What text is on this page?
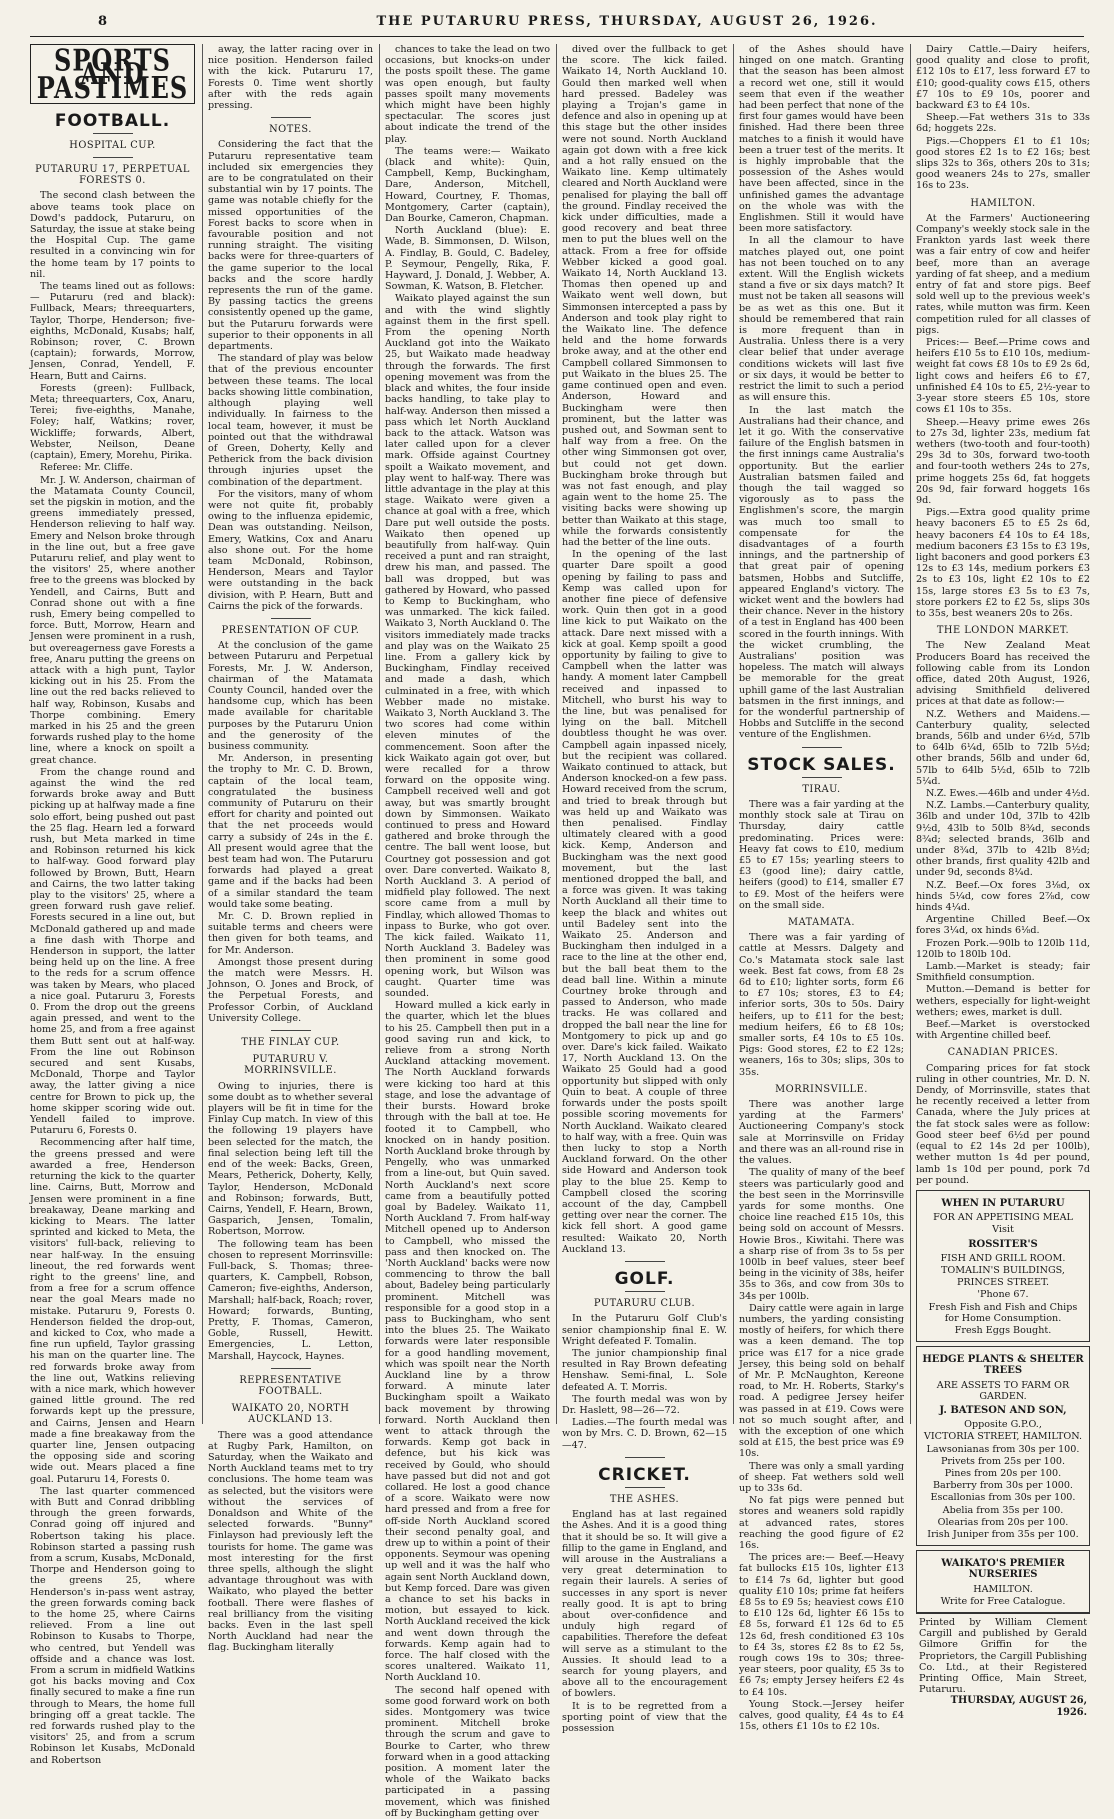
8	THE PUTARURU PRESS, THURSDAY, AUGUST 26, 1926.
SPORTS AND PASTIMES
FOOTBALL.
HOSPITAL CUP.
PUTARURU 17, PERPETUAL FORESTS 0.

The second clash between the above teams took place on Dowd's paddock, Putaruru, on Saturday, the issue at stake being the Hospital Cup. The game resulted in a convincing win for the home team by 17 points to nil.

The teams lined out as follows:— Putaruru (red and black): Fullback, Mears; threequarters, Taylor, Thorpe, Henderson; five-eighths, McDonald, Kusabs; half, Robinson; rover, C. Brown (captain); forwards, Morrow, Jensen, Conrad, Yendell, F. Hearn, Butt and Cairns.

Forests (green): Fullback, Meta; threequarters, Cox, Anaru, Terei; five-eighths, Manahe, Foley; half, Watkins; rover, Wickliffe; forwards, Albert, Webster, Neilson, Deane (captain), Emery, Morehu, Pirika.

Referee: Mr. Cliffe.

Mr. J. W. Anderson, chairman of the Matamata County Council, set the pigskin in motion, and the greens immediately pressed, Henderson relieving to half way. Emery and Nelson broke through in the line out, but a free gave Putaruru relief, and play went to the visitors' 25, where another free to the greens was blocked by Yendell, and Cairns, Butt and Conrad shone out with a fine rush, Emery being compelled to force. Butt, Morrow, Hearn and Jensen were prominent in a rush, but overeagerness gave Forests a free, Anaru putting the greens on attack with a high punt, Taylor kicking out in his 25. From the line out the red backs relieved to half way, Robinson, Kusabs and Thorpe combining. Emery marked in his 25 and the green forwards rushed play to the home line, where a knock on spoilt a great chance.

From the change round and against the wind the red forwards broke away and Butt picking up at halfway made a fine solo effort, being pushed out past the 25 flag. Hearn led a forward rush, but Meta marked in time and Robinson returned his kick to half-way. Good forward play followed by Brown, Butt, Hearn and Cairns, the two latter taking play to the visitors' 25, where a green forward rush gave relief. Forests secured in a line out, but McDonald gathered up and made a fine dash with Thorpe and Henderson in support, the latter being held up on the line. A free to the reds for a scrum offence was taken by Mears, who placed a nice goal. Putaruru 3, Forests 0. From the drop out the greens again pressed, and went to the home 25, and from a free against them Butt sent out at half-way. From the line out Robinson secured and sent Kusabs, McDonald, Thorpe and Taylor away, the latter giving a nice centre for Brown to pick up, the home skipper scoring wide out. Yendell failed to improve. Putaruru 6, Forests 0.

Recommencing after half time, the greens pressed and were awarded a free, Henderson returning the kick to the quarter line. Cairns, Butt, Morrow and Jensen were prominent in a fine breakaway, Deane marking and kicking to Mears. The latter sprinted and kicked to Meta, the visitors' full-back, relieving to near half-way. In the ensuing lineout, the red forwards went right to the greens' line, and from a free for a scrum offence near the goal Mears made no mistake. Putaruru 9, Forests 0. Henderson fielded the drop-out, and kicked to Cox, who made a fine run upfield, Taylor grassing his man on the quarter line. The red forwards broke away from the line out, Watkins relieving with a nice mark, which however gained little ground. The red forwards kept up the pressure, and Cairns, Jensen and Hearn made a fine breakaway from the quarter line, Jensen outpacing the opposing side and scoring wide out. Mears placed a fine goal. Putaruru 14, Forests 0.

The last quarter commenced with Butt and Conrad dribbling through the green forwards, Conrad going off injured and Robertson taking his place. Robinson started a passing rush from a scrum, Kusabs, McDonald, Thorpe and Henderson going to the greens 25, where Henderson's in-pass went astray, the green forwards coming back to the home 25, where Cairns relieved. From a line out Robinson to Kusabs to Thorpe, who centred, but Yendell was offside and a chance was lost. From a scrum in midfield Watkins got his backs moving and Cox finally secured to make a fine run through to Mears, the home full bringing off a great tackle. The red forwards rushed play to the visitors' 25, and from a scrum Robinson let Kusabs, McDonald and Robertson

away, the latter racing over in nice position. Henderson failed with the kick. Putaruru 17, Forests 0. Time went shortly after with the reds again pressing.

NOTES.

Considering the fact that the Putaruru representative team included six emergencies they are to be congratulated on their substantial win by 17 points. The game was notable chiefly for the missed opportunities of the Forest backs to score when in favourable position and not running straight. The visiting backs were for three-quarters of the game superior to the local backs and the score hardly represents the run of the game. By passing tactics the greens consistently opened up the game, but the Putaruru forwards were superior to their opponents in all departments.

The standard of play was below that of the previous encounter between these teams. The local backs showing little combination, although playing well individually. In fairness to the local team, however, it must be pointed out that the withdrawal of Green, Doherty, Kelly and Petherick from the back division through injuries upset the combination of the department.

For the visitors, many of whom were not quite fit, probably owing to the influenza epidemic, Dean was outstanding. Neilson, Emery, Watkins, Cox and Anaru also shone out. For the home team McDonald, Robinson, Henderson, Mears and Taylor were outstanding in the back division, with P. Hearn, Butt and Cairns the pick of the forwards.

PRESENTATION OF CUP.

At the conclusion of the game between Putaruru and Perpetual Forests, Mr. J. W. Anderson, chairman of the Matamata County Council, handed over the handsome cup, which has been made available for charitable purposes by the Putaruru Union and the generosity of the business community.

Mr. Anderson, in presenting the trophy to Mr. C. D. Brown, captain of the local team, congratulated the business community of Putaruru on their effort for charity and pointed out that the net proceeds would carry a subsidy of 24s in the £. All present would agree that the best team had won. The Putaruru forwards had played a great game and if the backs had been of a similar standard the team would take some beating.

Mr. C. D. Brown replied in suitable terms and cheers were then given for both teams, and for Mr. Anderson.

Amongst those present during the match were Messrs. H. Johnson, O. Jones and Brock, of the Perpetual Forests, and Professor Corbin, of Auckland University College.

THE FINLAY CUP.
PUTARURU V. MORRINSVILLE.

Owing to injuries, there is some doubt as to whether several players will be fit in time for the Finlay Cup match. In view of this the following 19 players have been selected for the match, the final selection being left till the end of the week: Backs, Green, Mears, Petherick, Doherty, Kelly, Taylor, Henderson, McDonald and Robinson; forwards, Butt, Cairns, Yendell, F. Hearn, Brown, Gasparich, Jensen, Tomalin, Robertson, Morrow.

The following team has been chosen to represent Morrinsville: Full-back, S. Thomas; three-quarters, K. Campbell, Robson, Cameron; five-eighths, Anderson, Marshall; half-back, Roach; rover, Howard; forwards, Bunting, Pretty, F. Thomas, Cameron, Goble, Russell, Hewitt. Emergencies, L. Letton, Marshall, Haycock, Haynes.

REPRESENTATIVE FOOTBALL.
WAIKATO 20, NORTH AUCKLAND 13.

There was a good attendance at Rugby Park, Hamilton, on Saturday, when the Waikato and North Auckland teams met to try conclusions. The home team was as selected, but the visitors were without the services of Donaldson and White of the selected forwards. "Bunny" Finlayson had previously left the tourists for home. The game was most interesting for the first three spells, although the slight advantage throughout was with Waikato, who played the better football. There were flashes of real brilliancy from the visiting backs. Even in the last spell North Auckland had near the flag. Buckingham literally

chances to take the lead on two occasions, but knocks-on under the posts spoilt these. The game was open enough, but faulty passes spoilt many movements which might have been highly spectacular. The scores just about indicate the trend of the play.

The teams were:— Waikato (black and white): Quin, Campbell, Kemp, Buckingham, Dare, Anderson, Mitchell, Howard, Courtney, F. Thomas, Montgomery, Carter (captain), Dan Bourke, Cameron, Chapman.

North Auckland (blue): E. Wade, B. Simmonsen, D. Wilson, A. Findlay, B. Gould, C. Badeley, P. Seymour, Pengelly, Rika, F. Hayward, J. Donald, J. Webber, A. Sowman, K. Watson, B. Fletcher.

Waikato played against the sun and with the wind slightly against them in the first spell. From the opening North Auckland got into the Waikato 25, but Waikato made headway through the forwards. The first opening movement was from the black and whites, the four inside backs handling, to take play to half-way. Anderson then missed a pass which let North Auckland back to the attack. Watson was later called upon for a clever mark. Offside against Courtney spoilt a Waikato movement, and play went to half-way. There was little advantage in the play at this stage. Waikato were given a chance at goal with a free, which Dare put well outside the posts. Waikato then opened up beautifully from half-way. Quin received a punt and ran straight, drew his man, and passed. The ball was dropped, but was gathered by Howard, who passed to Kemp to Buckingham, who was unmarked. The kick failed. Waikato 3, North Auckland 0. The visitors immediately made tracks and play was on the Waikato 25 line. From a gallery kick by Buckingham, Findlay received and made a dash, which culminated in a free, with which Webber made no mistake. Waikato 3, North Auckland 3. The two scores had come within eleven minutes of the commencement. Soon after the kick Waikato again got over, but were recalled for a throw forward on the opposite wing. Campbell received well and got away, but was smartly brought down by Simmonsen. Waikato continued to press and Howard gathered and broke through the centre. The ball went loose, but Courtney got possession and got over. Dare converted. Waikato 8, North Auckland 3. A period of midfield play followed. The next score came from a mull by Findlay, which allowed Thomas to inpass to Burke, who got over. The kick failed. Waikato 11, North Auckland 3. Badeley was then prominent in some good opening work, but Wilson was caught. Quarter time was sounded.

Howard mulled a kick early in the quarter, which let the blues to his 25. Campbell then put in a good saving run and kick, to relieve from a strong North Auckland attacking movement. The North Auckland forwards were kicking too hard at this stage, and lose the advantage of their bursts. Howard broke through with the ball at toe. He footed it to Campbell, who knocked on in handy position. North Auckland broke through by Pengelly, who was unmarked from a line-out, but Quin saved. North Auckland's next score came from a beautifully potted goal by Badeley. Waikato 11, North Auckland 7. From half-way Mitchell opened up to Anderson to Campbell, who missed the pass and then knocked on. The 'North Auckland' backs were now commencing to throw the ball about, Badeley being particularly prominent. Mitchell was responsible for a good stop in a pass to Buckingham, who sent into the blues 25. The Waikato forwards were later responsible for a good handling movement, which was spoilt near the North Auckland line by a throw forward. A minute later Buckingham spoilt a Waikato back movement by throwing forward. North Auckland then went to attack through the forwards. Kemp got back in defence, but his kick was received by Gould, who should have passed but did not and got collared. He lost a good chance of a score. Waikato were now hard pressed and from a free for off-side North Auckland scored their second penalty goal, and drew up to within a point of their opponents. Seymour was opening up well and it was the half who again sent North Auckland down, but Kemp forced. Dare was given a chance to set his backs in motion, but essayed to kick. North Auckland received the kick and went down through the forwards. Kemp again had to force. The half closed with the scores unaltered. Waikato 11, North Auckland 10.

The second half opened with some good forward work on both sides. Montgomery was twice prominent. Mitchell broke through the scrum and gave to Bourke to Carter, who threw forward when in a good attacking position. A moment later the whole of the Waikato backs participated in a passing movement, which was finished off by Buckingham getting over

dived over the fullback to get the score. The kick failed. Waikato 14, North Auckland 10. Gould then marked well when hard pressed. Badeley was playing a Trojan's game in defence and also in opening up at this stage but the other insides were not sound. North Auckland again got down with a free kick and a hot rally ensued on the Waikato line. Kemp ultimately cleared and North Auckland were penalised for playing the ball off the ground. Findlay received the kick under difficulties, made a good recovery and beat three men to put the blues well on the attack. From a free for offside Webber kicked a good goal. Waikato 14, North Auckland 13. Thomas then opened up and Waikato went well down, but Simmonsen intercepted a pass by Anderson and took play right to the Waikato line. The defence held and the home forwards broke away, and at the other end Campbell collared Simmonsen to put Waikato in the blues 25. The game continued open and even. Anderson, Howard and Buckingham were then prominent, but the latter was pushed out, and Sowman sent to half way from a free. On the other wing Simmonsen got over, but could not get down. Buckingham broke through but was not fast enough, and play again went to the home 25. The visiting backs were showing up better than Waikato at this stage, while the forwards consistently had the better of the line outs.

In the opening of the last quarter Dare spoilt a good opening by failing to pass and Kemp was called upon for another fine piece of defensive work. Quin then got in a good line kick to put Waikato on the attack. Dare next missed with a kick at goal. Kemp spoilt a good opportunity by failing to give to Campbell when the latter was handy. A moment later Campbell received and inpassed to Mitchell, who burst his way to the line, but was penalised for lying on the ball. Mitchell doubtless thought he was over. Campbell again inpassed nicely, but the recipient was collared. Waikato continued to attack, but Anderson knocked-on a few pass. Howard received from the scrum, and tried to break through but was held up and Waikato was then penalised. Findlay ultimately cleared with a good kick. Kemp, Anderson and Buckingham was the next good movement, but the last mentioned dropped the ball, and a force was given. It was taking North Auckland all their time to keep the black and whites out until Badeley sent into the Waikato 25. Anderson and Buckingham then indulged in a race to the line at the other end, but the ball beat them to the dead ball line. Within a minute Courtney broke through and passed to Anderson, who made tracks. He was collared and dropped the ball near the line for Montgomery to pick up and go over. Dare's kick failed. Waikato 17, North Auckland 13. On the Waikato 25 Gould had a good opportunity but slipped with only Quin to beat. A couple of three forwards under the posts spoilt possible scoring movements for North Auckland. Waikato cleared to half way, with a free. Quin was then lucky to stop a North Auckland forward. On the other side Howard and Anderson took play to the blue 25. Kemp to Campbell closed the scoring account of the day, Campbell getting over near the corner. The kick fell short. A good game resulted: Waikato 20, North Auckland 13.

GOLF.
PUTARURU CLUB.

In the Putaruru Golf Club's senior championship final E. W. Wright defeated F. Tomalin.

The junior championship final resulted in Ray Brown defeating Henshaw. Semi-final, L. Sole defeated A. T. Morris.

The fourth medal was won by Dr. Haslett, 98—26—72.

Ladies.—The fourth medal was won by Mrs. C. D. Brown, 62—15—47.

CRICKET.
THE ASHES.

England has at last regained the Ashes. And it is a good thing that it should be so. It will give a fillip to the game in England, and will arouse in the Australians a very great determination to regain their laurels. A series of successes in any sport is never really good. It is apt to bring about over-confidence and unduly high regard of capabilities. Therefore the defeat will serve as a stimulant to the Aussies. It should lead to a search for young players, and above all to the encouragement of bowlers.

It is to be regretted from a sporting point of view that the possession

of the Ashes should have hinged on one match. Granting that the season has been almost a record wet one, still it would seem that even if the weather had been perfect that none of the first four games would have been finished. Had there been three matches to a finish it would have been a truer test of the merits. It is highly improbable that the possession of the Ashes would have been affected, since in the unfinished games the advantage on the whole was with the Englishmen. Still it would have been more satisfactory.

In all the clamour to have matches played out, one point has not been touched on to any extent. Will the English wickets stand a five or six days match? It must not be taken all seasons will be as wet as this one. But it should be remembered that rain is more frequent than in Australia. Unless there is a very clear belief that under average conditions wickets will last five or six days, it would be better to restrict the limit to such a period as will ensure this.

In the last match the Australians had their chance, and let it go. With the conservative failure of the English batsmen in the first innings came Australia's opportunity. But the earlier Australian batsmen failed and though the tail wagged so vigorously as to pass the Englishmen's score, the margin was much too small to compensate for the disadvantages of a fourth innings, and the partnership of that great pair of opening batsmen, Hobbs and Sutcliffe, appeared England's victory. The wicket went and the bowlers had their chance. Never in the history of a test in England has 400 been scored in the fourth innings. With the wicket crumbling, the Australians' position was hopeless. The match will always be memorable for the great uphill game of the last Australian batsmen in the first innings, and for the wonderful partnership of Hobbs and Sutcliffe in the second venture of the Englishmen.

STOCK SALES.
TIRAU.

There was a fair yarding at the monthly stock sale at Tirau on Thursday, dairy cattle predominating. Prices were: Heavy fat cows to £10, medium £5 to £7 15s; yearling steers to £3 (good line); dairy cattle, heifers (good) to £14, smaller £7 to £9. Most of the heifers were on the small side.

MATAMATA.

There was a fair yarding of cattle at Messrs. Dalgety and Co.'s Matamata stock sale last week. Best fat cows, from £8 2s 6d to £10; lighter sorts, form £6 to £7 10s; stores, £3 to £4; inferior sorts, 30s to 50s. Dairy heifers, up to £11 for the best; medium heifers, £6 to £8 10s; smaller sorts, £4 10s to £5 10s. Pigs: Good stores, £2 to £2 12s; weaners, 16s to 30s; slips, 30s to 35s.

MORRINSVILLE.

There was another large yarding at the Farmers' Auctioneering Company's stock sale at Morrinsville on Friday and there was an all-round rise in the values.

The quality of many of the beef steers was particularly good and the best seen in the Morrinsville yards for some months. One choice line reached £15 10s, this being sold on account of Messrs. Howie Bros., Kiwitahi. There was a sharp rise of from 3s to 5s per 100lb in beef values, steer beef being in the vicinity of 38s, heifer 35s to 36s, and cow from 30s to 34s per 100lb.

Dairy cattle were again in large numbers, the yarding consisting mostly of heifers, for which there was a keen demand. The top price was £17 for a nice grade Jersey, this being sold on behalf of Mr. P. McNaughton, Kereone road, to Mr. H. Roberts, Starky's road. A pedigree Jersey heifer was passed in at £19. Cows were not so much sought after, and with the exception of one which sold at £15, the best price was £9 10s.

There was only a small yarding of sheep. Fat wethers sold well up to 33s 6d.

No fat pigs were penned but stores and weaners sold rapidly at advanced rates, stores reaching the good figure of £2 16s.

The prices are:— Beef.—Heavy fat bullocks £15 10s, lighter £13 to £14 7s 6d, lighter but good quality £10 10s; prime fat heifers £8 5s to £9 5s; heaviest cows £10 to £10 12s 6d, lighter £6 15s to £8 5s, forward £1 12s 6d to £5 12s 6d, fresh conditioned £3 10s to £4 3s, stores £2 8s to £2 5s, rough cows 19s to 30s; three-year steers, poor quality, £5 3s to £6 7s; empty Jersey heifers £2 4s to £4 10s.

Young Stock.—Jersey heifer calves, good quality, £4 4s to £4 15s, others £1 10s to £2 10s.

Dairy Cattle.—Dairy heifers, good quality and close to profit, £12 10s to £17, less forward £7 to £10; good-quality cows £15, others £7 10s to £9 10s, poorer and backward £3 to £4 10s.

Sheep.—Fat wethers 31s to 33s 6d; hoggets 22s.

Pigs.—Choppers £1 to £1 10s; good stores £2 1s to £2 16s; best slips 32s to 36s, others 20s to 31s; good weaners 24s to 27s, smaller 16s to 23s.

HAMILTON.

At the Farmers' Auctioneering Company's weekly stock sale in the Frankton yards last week there was a fair entry of cow and heifer beef, more than an average yarding of fat sheep, and a medium entry of fat and store pigs. Beef sold well up to the previous week's rates, while mutton was firm. Keen competition ruled for all classes of pigs.

Prices:— Beef.—Prime cows and heifers £10 5s to £10 10s, medium-weight fat cows £8 10s to £9 2s 6d, light cows and heifers £6 to £7, unfinished £4 10s to £5, 2½-year to 3-year store steers £5 10s, store cows £1 10s to 35s.

Sheep.—Heavy prime ewes 26s to 27s 3d, lighter 23s, medium fat wethers (two-tooth and four-tooth) 29s 3d to 30s, forward two-tooth and four-tooth wethers 24s to 27s, prime hoggets 25s 6d, fat hoggets 20s 9d, fair forward hoggets 16s 9d.

Pigs.—Extra good quality prime heavy baconers £5 to £5 2s 6d, heavy baconers £4 10s to £4 18s, medium baconers £3 15s to £3 19s, light baconers and good porkers £3 12s to £3 14s, medium porkers £3 2s to £3 10s, light £2 10s to £2 15s, large stores £3 5s to £3 7s, store porkers £2 to £2 5s, slips 30s to 35s, best weaners 20s to 26s.

THE LONDON MARKET.

The New Zealand Meat Producers Board has received the following cable from its London office, dated 20th August, 1926, advising Smithfield delivered prices at that date as follow:—

N.Z. Wethers and Maidens.—Canterbury quality, selected brands, 56lb and under 6½d, 57lb to 64lb 6¼d, 65lb to 72lb 5½d; other brands, 56lb and under 6d, 57lb to 64lb 5½d, 65lb to 72lb 5¼d.

N.Z. Ewes.—46lb and under 4½d.

N.Z. Lambs.—Canterbury quality, 36lb and under 10d, 37lb to 42lb 9½d, 43lb to 50lb 8¾d, seconds 8¾d; selected brands, 36lb and under 8¾d, 37lb to 42lb 8½d; other brands, first quality 42lb and under 9d, seconds 8¼d.

N.Z. Beef.—Ox fores 3⅛d, ox hinds 5¼d, cow fores 2⅞d, cow hinds 4¼d.

Argentine Chilled Beef.—Ox fores 3¼d, ox hinds 6⅛d.

Frozen Pork.—90lb to 120lb 11d, 120lb to 180lb 10d.

Lamb.—Market is steady; fair Smithfield consumption.

Mutton.—Demand is better for wethers, especially for light-weight wethers; ewes, market is dull.

Beef.—Market is overstocked with Argentine chilled beef.

CANADIAN PRICES.

Comparing prices for fat stock ruling in other countries, Mr. D. N. Dendy, of Morrinsville, states that he recently received a letter from Canada, where the July prices at the fat stock sales were as follow: Good steer beef 6½d per pound (equal to £2 14s 2d per 100lb), wether mutton 1s 4d per pound, lamb 1s 10d per pound, pork 7d per pound.

WHEN IN PUTARURU
FOR AN APPETISING MEAL
Visit
ROSSITER'S
FISH AND GRILL ROOM.
TOMALIN'S BUILDINGS,
PRINCES STREET.
'Phone 67.
Fresh Fish and Fish and Chips for Home Consumption.
Fresh Eggs Bought.
HEDGE PLANTS & SHELTER TREES
ARE ASSETS TO FARM OR GARDEN.
J. BATESON AND SON,
Opposite G.P.O.,
VICTORIA STREET, HAMILTON.
Lawsonianas from 30s per 100.
Privets from 25s per 100.
Pines from 20s per 100.
Barberry from 30s per 1000.
Escallonias from 30s per 100.
Abelia from 35s per 100.
Olearias from 20s per 100.
Irish Juniper from 35s per 100.
WAIKATO'S PREMIER NURSERIES
HAMILTON.
Write for Free Catalogue.
Printed by William Clement Cargill and published by Gerald Gilmore Griffin for the Proprietors, the Cargill Publishing Co. Ltd., at their Registered Printing Office, Main Street, Putaruru.
THURSDAY, AUGUST 26, 1926.
